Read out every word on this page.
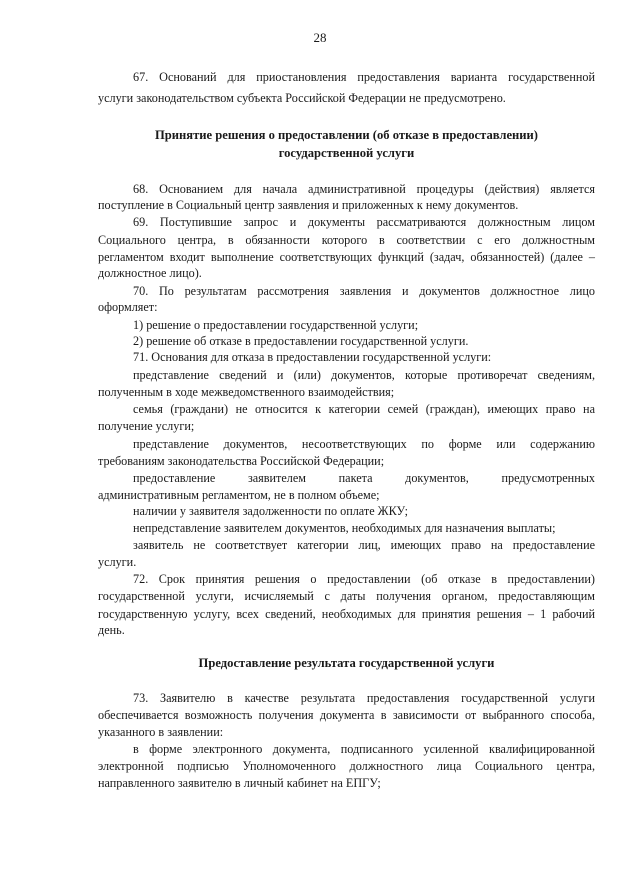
28
67. Оснований для приостановления предоставления варианта государственной
услуги законодательством субъекта Российской Федерации не предусмотрено.
Принятие решения о предоставлении (об отказе в предоставлении)
государственной услуги
68. Основанием для начала административной процедуры (действия) является
поступление в Социальный центр заявления и приложенных к нему документов.
69. Поступившие запрос и документы рассматриваются должностным лицом
Социального центра, в обязанности которого в соответствии с его должностным
регламентом входит выполнение соответствующих функций (задач, обязанностей) (далее –
должностное лицо).
70. По результатам рассмотрения заявления и документов должностное лицо
оформляет:
1) решение о предоставлении государственной услуги;
2) решение об отказе в предоставлении государственной услуги.
71. Основания для отказа в предоставлении государственной услуги:
представление сведений и (или) документов, которые противоречат сведениям,
полученным в ходе межведомственного взаимодействия;
семья (граждани) не относится к категории семей (граждан), имеющих право на
получение услуги;
представление документов, несоответствующих по форме или содержанию
требованиям законодательства Российской Федерации;
предоставление заявителем пакета документов, предусмотренных
административным регламентом, не в полном объеме;
наличии у заявителя задолженности по оплате ЖКУ;
непредставление заявителем документов, необходимых для назначения выплаты;
заявитель не соответствует категории лиц, имеющих право на предоставление
услуги.
72. Срок принятия решения о предоставлении (об отказе в предоставлении)
государственной услуги, исчисляемый с даты получения органом, предоставляющим
государственную услугу, всех сведений, необходимых для принятия решения – 1 рабочий
день.
Предоставление результата государственной услуги
73. Заявителю в качестве результата предоставления государственной услуги
обеспечивается возможность получения документа в зависимости от выбранного способа,
указанного в заявлении:
в форме электронного документа, подписанного усиленной квалифицированной
электронной подписью Уполномоченного должностного лица Социального центра,
направленного заявителю в личный кабинет на ЕПГУ;
